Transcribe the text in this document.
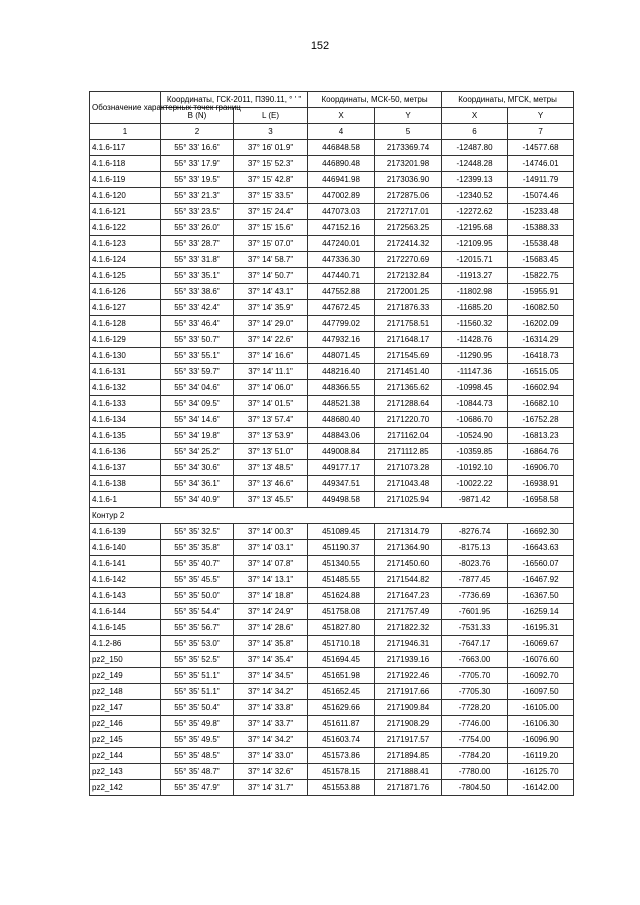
152
Обозначение характерных точек границ	Координаты, ГСК-2011, П390.11, ° ' "		Координаты, МСК-50, метры		Координаты, МГСК, метры	
	B (N)	L (E)	X	Y	X	Y
1	2	3	4	5	6	7
4.1.6-117	55° 33' 16.6"	37° 16' 01.9"	446848.58	2173369.74	-12487.80	-14577.68
4.1.6-118	55° 33' 17.9"	37° 15' 52.3"	446890.48	2173201.98	-12448.28	-14746.01
4.1.6-119	55° 33' 19.5"	37° 15' 42.8"	446941.98	2173036.90	-12399.13	-14911.79
4.1.6-120	55° 33' 21.3"	37° 15' 33.5"	447002.89	2172875.06	-12340.52	-15074.46
4.1.6-121	55° 33' 23.5"	37° 15' 24.4"	447073.03	2172717.01	-12272.62	-15233.48
4.1.6-122	55° 33' 26.0"	37° 15' 15.6"	447152.16	2172563.25	-12195.68	-15388.33
4.1.6-123	55° 33' 28.7"	37° 15' 07.0"	447240.01	2172414.32	-12109.95	-15538.48
4.1.6-124	55° 33' 31.8"	37° 14' 58.7"	447336.30	2172270.69	-12015.71	-15683.45
4.1.6-125	55° 33' 35.1"	37° 14' 50.7"	447440.71	2172132.84	-11913.27	-15822.75
4.1.6-126	55° 33' 38.6"	37° 14' 43.1"	447552.88	2172001.25	-11802.98	-15955.91
4.1.6-127	55° 33' 42.4"	37° 14' 35.9"	447672.45	2171876.33	-11685.20	-16082.50
4.1.6-128	55° 33' 46.4"	37° 14' 29.0"	447799.02	2171758.51	-11560.32	-16202.09
4.1.6-129	55° 33' 50.7"	37° 14' 22.6"	447932.16	2171648.17	-11428.76	-16314.29
4.1.6-130	55° 33' 55.1"	37° 14' 16.6"	448071.45	2171545.69	-11290.95	-16418.73
4.1.6-131	55° 33' 59.7"	37° 14' 11.1"	448216.40	2171451.40	-11147.36	-16515.05
4.1.6-132	55° 34' 04.6"	37° 14' 06.0"	448366.55	2171365.62	-10998.45	-16602.94
4.1.6-133	55° 34' 09.5"	37° 14' 01.5"	448521.38	2171288.64	-10844.73	-16682.10
4.1.6-134	55° 34' 14.6"	37° 13' 57.4"	448680.40	2171220.70	-10686.70	-16752.28
4.1.6-135	55° 34' 19.8"	37° 13' 53.9"	448843.06	2171162.04	-10524.90	-16813.23
4.1.6-136	55° 34' 25.2"	37° 13' 51.0"	449008.84	2171112.85	-10359.85	-16864.76
4.1.6-137	55° 34' 30.6"	37° 13' 48.5"	449177.17	2171073.28	-10192.10	-16906.70
4.1.6-138	55° 34' 36.1"	37° 13' 46.6"	449347.51	2171043.48	-10022.22	-16938.91
4.1.6-1	55° 34' 40.9"	37° 13' 45.5"	449498.58	2171025.94	-9871.42	-16958.58
Контур 2						
4.1.6-139	55° 35' 32.5"	37° 14' 00.3"	451089.45	2171314.79	-8276.74	-16692.30
4.1.6-140	55° 35' 35.8"	37° 14' 03.1"	451190.37	2171364.90	-8175.13	-16643.63
4.1.6-141	55° 35' 40.7"	37° 14' 07.8"	451340.55	2171450.60	-8023.76	-16560.07
4.1.6-142	55° 35' 45.5"	37° 14' 13.1"	451485.55	2171544.82	-7877.45	-16467.92
4.1.6-143	55° 35' 50.0"	37° 14' 18.8"	451624.88	2171647.23	-7736.69	-16367.50
4.1.6-144	55° 35' 54.4"	37° 14' 24.9"	451758.08	2171757.49	-7601.95	-16259.14
4.1.6-145	55° 35' 56.7"	37° 14' 28.6"	451827.80	2171822.32	-7531.33	-16195.31
4.1.2-86	55° 35' 53.0"	37° 14' 35.8"	451710.18	2171946.31	-7647.17	-16069.67
pz2_150	55° 35' 52.5"	37° 14' 35.4"	451694.45	2171939.16	-7663.00	-16076.60
pz2_149	55° 35' 51.1"	37° 14' 34.5"	451651.98	2171922.46	-7705.70	-16092.70
pz2_148	55° 35' 51.1"	37° 14' 34.2"	451652.45	2171917.66	-7705.30	-16097.50
pz2_147	55° 35' 50.4"	37° 14' 33.8"	451629.66	2171909.84	-7728.20	-16105.00
pz2_146	55° 35' 49.8"	37° 14' 33.7"	451611.87	2171908.29	-7746.00	-16106.30
pz2_145	55° 35' 49.5"	37° 14' 34.2"	451603.74	2171917.57	-7754.00	-16096.90
pz2_144	55° 35' 48.5"	37° 14' 33.0"	451573.86	2171894.85	-7784.20	-16119.20
pz2_143	55° 35' 48.7"	37° 14' 32.6"	451578.15	2171888.41	-7780.00	-16125.70
pz2_142	55° 35' 47.9"	37° 14' 31.7"	451553.88	2171871.76	-7804.50	-16142.00
